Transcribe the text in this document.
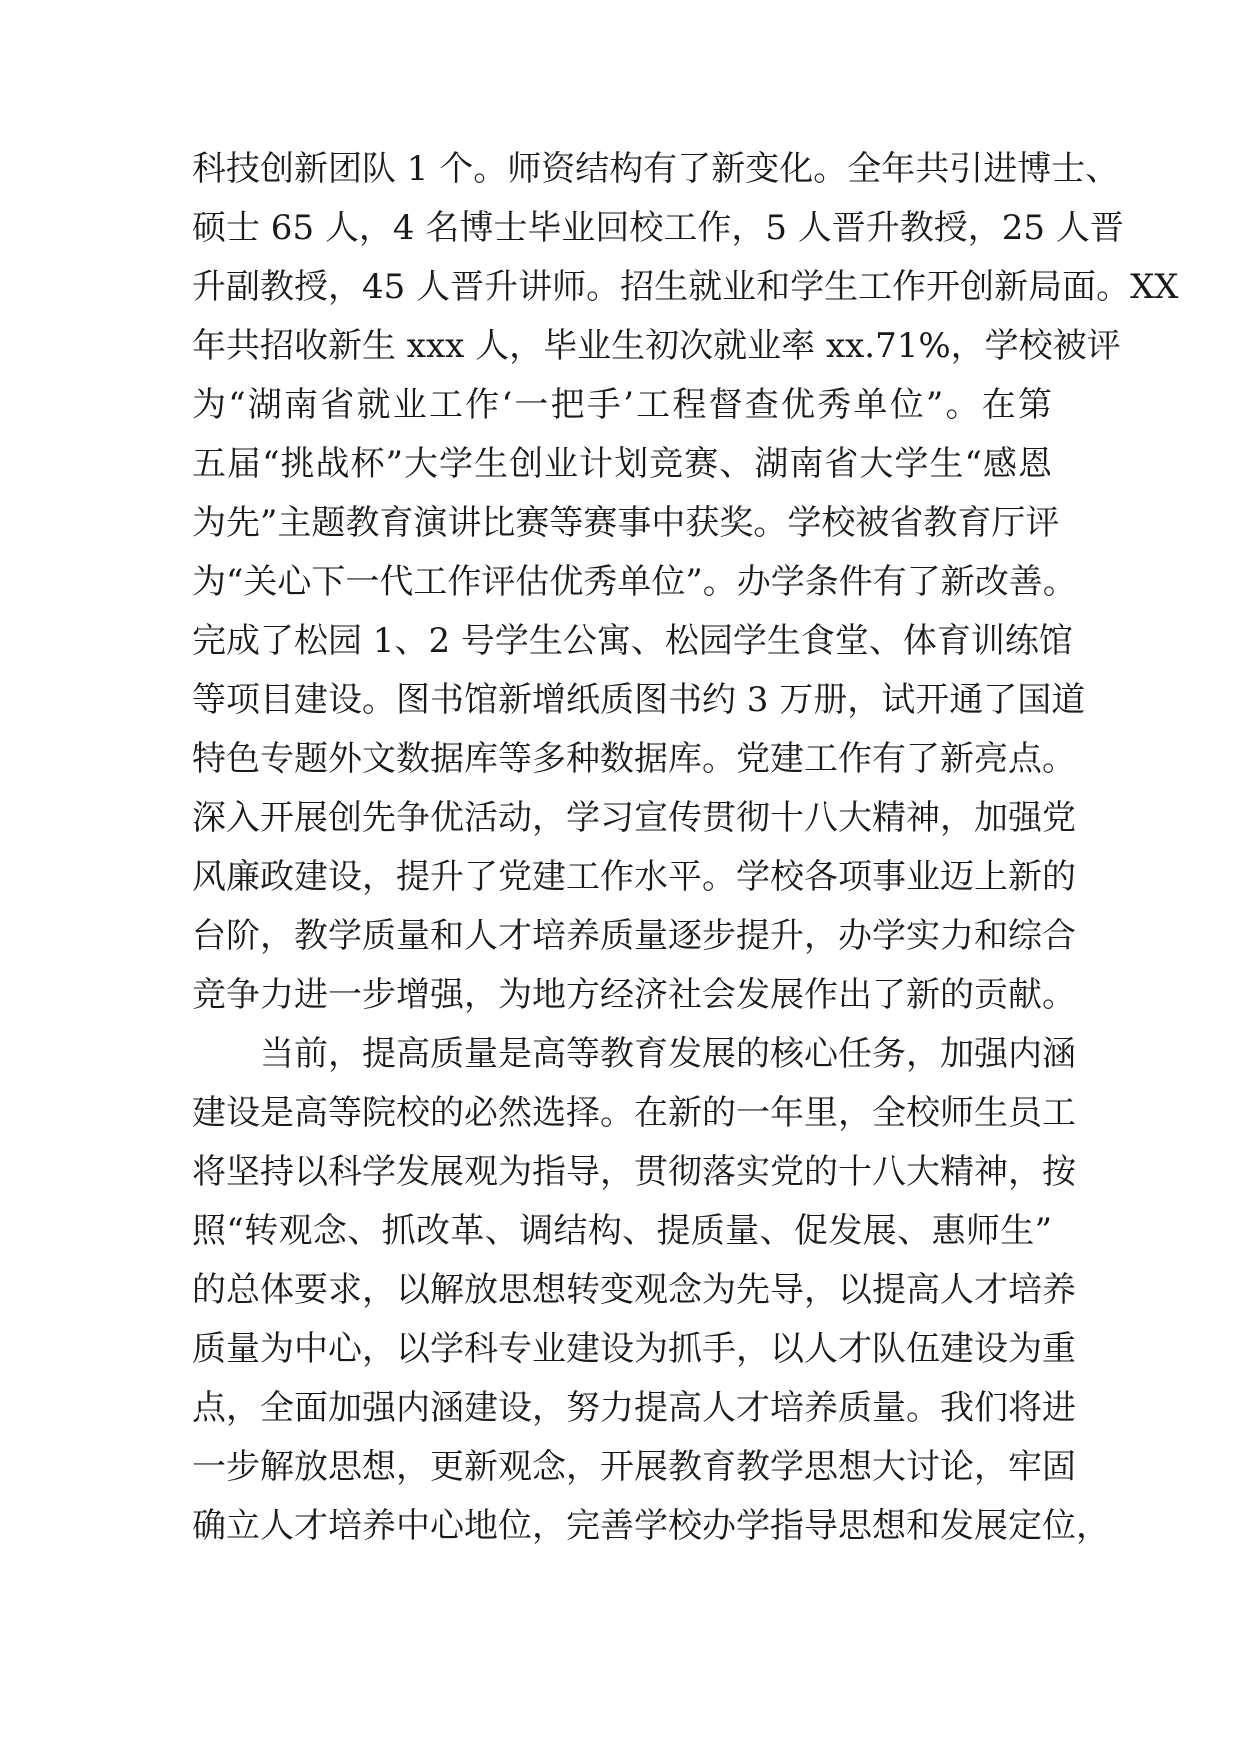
科技创新团队 1 个。师资结构有了新变化。全年共引进博士、
硕士 65 人，4 名博士毕业回校工作，5 人晋升教授，25 人晋
升副教授，45 人晋升讲师。招生就业和学生工作开创新局面。XX
年共招收新生 xxx 人，毕业生初次就业率 xx.71%，学校被评
为“湖南省就业工作‘一把手’工程督查优秀单位”。在第
五届“挑战杯”大学生创业计划竞赛、湖南省大学生“感恩
为先”主题教育演讲比赛等赛事中获奖。学校被省教育厅评
为“关心下一代工作评估优秀单位”。办学条件有了新改善。
完成了松园 1、2 号学生公寓、松园学生食堂、体育训练馆
等项目建设。图书馆新增纸质图书约 3 万册，试开通了国道
特色专题外文数据库等多种数据库。党建工作有了新亮点。
深入开展创先争优活动，学习宣传贯彻十八大精神，加强党
风廉政建设，提升了党建工作水平。学校各项事业迈上新的
台阶，教学质量和人才培养质量逐步提升，办学实力和综合
竞争力进一步增强，为地方经济社会发展作出了新的贡献。
当前，提高质量是高等教育发展的核心任务，加强内涵
建设是高等院校的必然选择。在新的一年里，全校师生员工
将坚持以科学发展观为指导，贯彻落实党的十八大精神，按
照“转观念、抓改革、调结构、提质量、促发展、惠师生”
的总体要求，以解放思想转变观念为先导，以提高人才培养
质量为中心，以学科专业建设为抓手，以人才队伍建设为重
点，全面加强内涵建设，努力提高人才培养质量。我们将进
一步解放思想，更新观念，开展教育教学思想大讨论，牢固
确立人才培养中心地位，完善学校办学指导思想和发展定位，
